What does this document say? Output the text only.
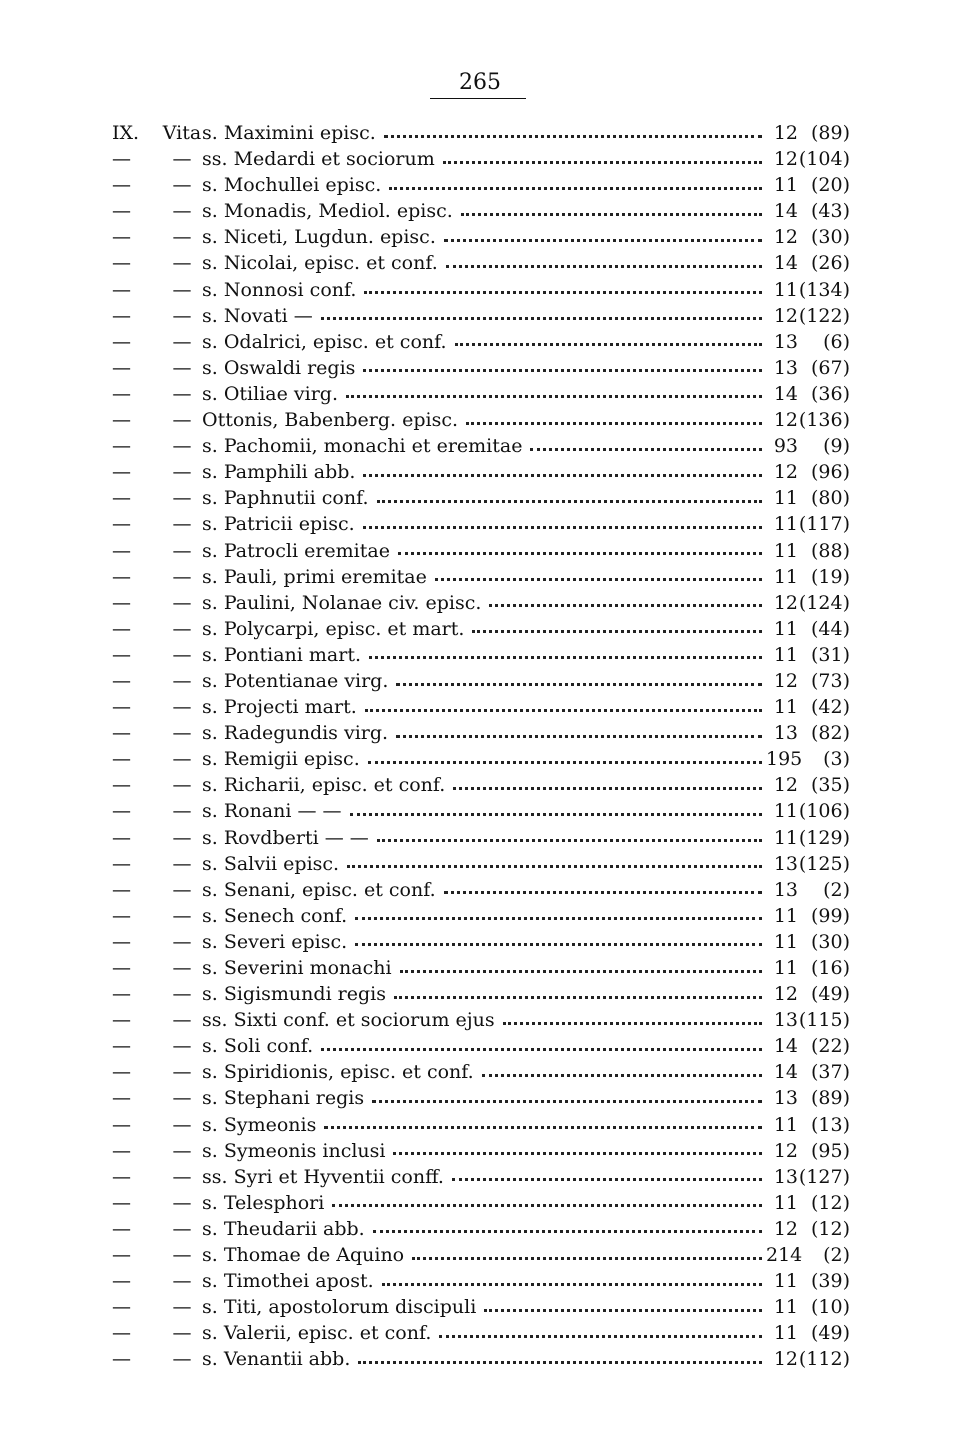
265
IX.	Vita s. Maximini episc.	12 (89)
—	— ss. Medardi et sociorum	12 (104)
—	— s. Mochullei episc.	11 (20)
—	— s. Monadis, Mediol. episc.	14 (43)
—	— s. Niceti, Lugdun. episc.	12 (30)
—	— s. Nicolai, episc. et conf.	14 (26)
—	— s. Nonnosi conf.	11 (134)
—	— s. Novati —	12 (122)
—	— s. Odalrici, episc. et conf.	13	(6)
—	— s. Oswaldi regis	13 (67)
—	— s. Otiliae virg.	14 (36)
—	— Ottonis, Babenberg. episc.	12 (136)
—	— s. Pachomii, monachi et eremitae	93	(9)
—	— s. Pamphili abb.	12 (96)
—	— s. Paphnutii conf.	11 (80)
—	— s. Patricii episc.	11 (117)
—	— s. Patrocli eremitae	11 (88)
—	— s. Pauli, primi eremitae	11 (19)
—	— s. Paulini, Nolanae civ. episc.	12 (124)
—	— s. Polycarpi, episc. et mart.	11 (44)
—	— s. Pontiani mart.	11 (31)
—	— s. Potentianae virg.	12 (73)
—	— s. Projecti mart.	11 (42)
—	— s. Radegundis virg.	13 (82)
—	— s. Remigii episc.	195	(3)
—	— s. Richarii, episc. et conf.	12 (35)
—	— s. Ronani — —	11 (106)
—	— s. Rovdberti — —	11 (129)
—	— s. Salvii episc.	13 (125)
—	— s. Senani, episc. et conf.	13	(2)
—	— s. Senech conf.	11 (99)
—	— s. Severi episc.	11 (30)
—	— s. Severini monachi	11 (16)
—	— s. Sigismundi regis	12 (49)
—	— ss. Sixti conf. et sociorum ejus	13 (115)
—	— s. Soli conf.	14 (22)
—	— s. Spiridionis, episc. et conf.	14 (37)
—	— s. Stephani regis	13 (89)
—	— s. Symeonis	11 (13)
—	— s. Symeonis inclusi	12 (95)
—	— ss. Syri et Hyventii conff.	13 (127)
—	— s. Telesphori	11 (12)
—	— s. Theudarii abb.	12 (12)
—	— s. Thomae de Aquino	214	(2)
—	— s. Timothei apost.	11 (39)
—	— s. Titi, apostolorum discipuli	11 (10)
—	— s. Valerii, episc. et conf.	11 (49)
—	— s. Venantii abb.	12 (112)
